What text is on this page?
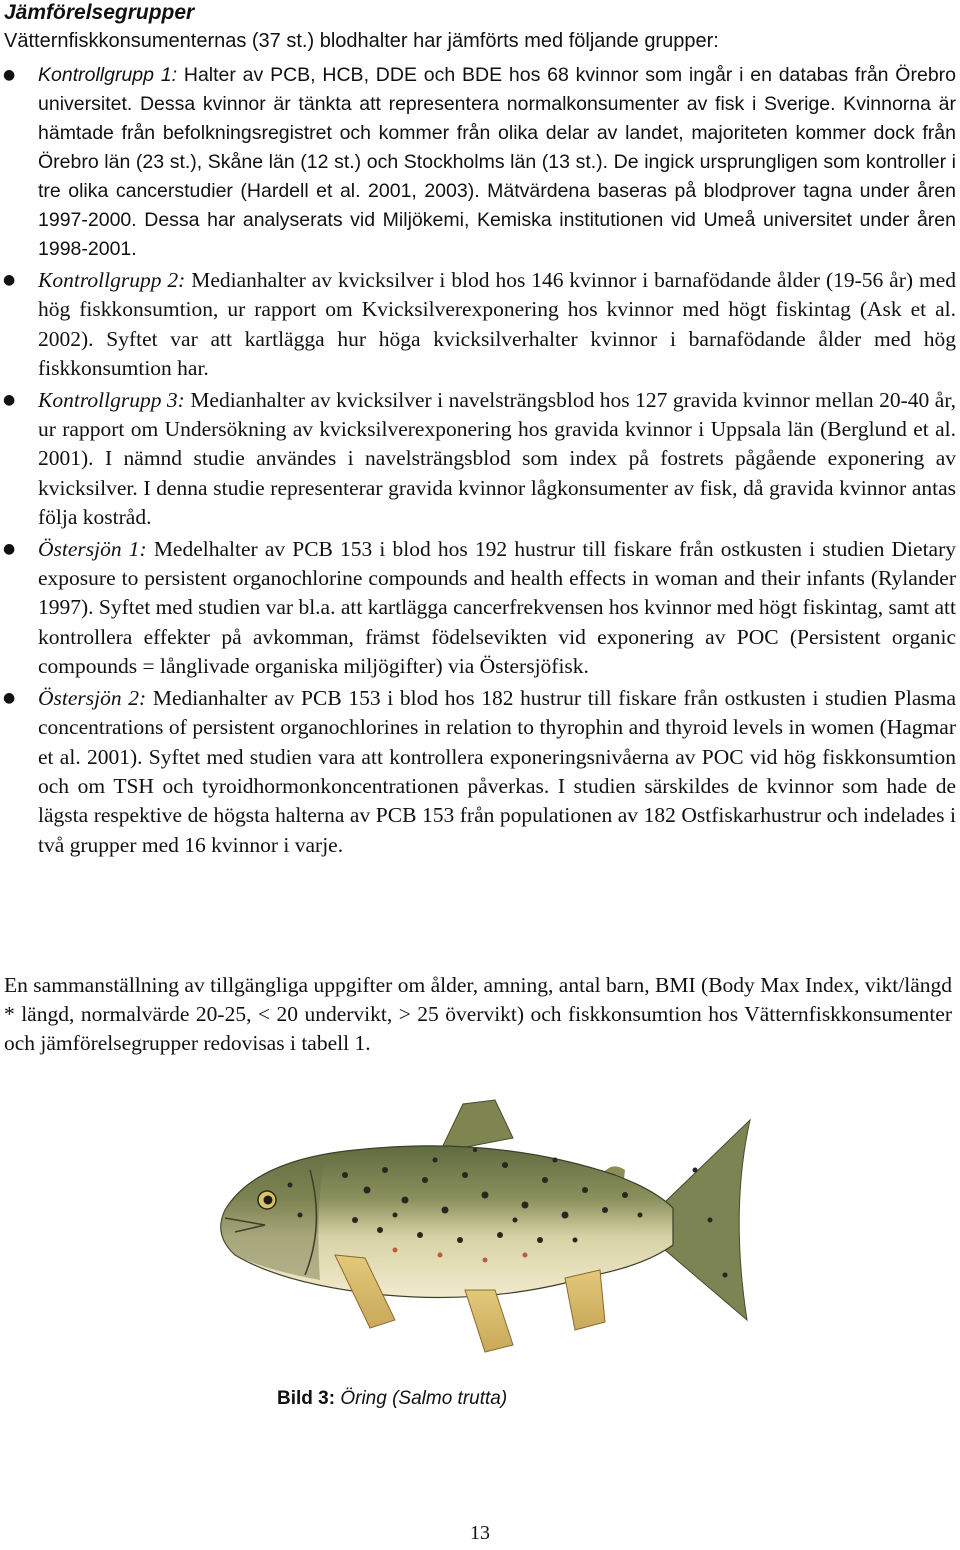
Jämförelsegrupper
Vätternfiskkonsumenternas (37 st.) blodhalter har jämförts med följande grupper:
● Kontrollgrupp 1: Halter av PCB, HCB, DDE och BDE hos 68 kvinnor som ingår i en databas från Örebro universitet. Dessa kvinnor är tänkta att representera normalkonsumenter av fisk i Sverige. Kvinnorna är hämtade från befolkningsregistret och kommer från olika delar av landet, majoriteten kommer dock från Örebro län (23 st.), Skåne län (12 st.) och Stockholms län (13 st.). De ingick ursprungligen som kontroller i tre olika cancerstudier (Hardell et al. 2001, 2003). Mätvärdena baseras på blodprover tagna under åren 1997-2000. Dessa har analyserats vid Miljökemi, Kemiska institutionen vid Umeå universitet under åren 1998-2001.
● Kontrollgrupp 2: Medianhalter av kvicksilver i blod hos 146 kvinnor i barnafödande ålder (19-56 år) med hög fiskkonsumtion, ur rapport om Kvicksilverexponering hos kvinnor med högt fiskintag (Ask et al. 2002). Syftet var att kartlägga hur höga kvicksilverhalter kvinnor i barnafödande ålder med hög fiskkonsumtion har.
● Kontrollgrupp 3: Medianhalter av kvicksilver i navelsträngsblod hos 127 gravida kvinnor mellan 20-40 år, ur rapport om Undersökning av kvicksilverexponering hos gravida kvinnor i Uppsala län (Berglund et al. 2001). I nämnd studie användes i navelsträngsblod som index på fostrets pågående exponering av kvicksilver. I denna studie representerar gravida kvinnor lågkonsumenter av fisk, då gravida kvinnor antas följa kostråd.
● Östersjön 1: Medelhalter av PCB 153 i blod hos 192 hustrur till fiskare från ostkusten i studien Dietary exposure to persistent organochlorine compounds and health effects in woman and their infants (Rylander 1997). Syftet med studien var bl.a. att kartlägga cancerfrekvensen hos kvinnor med högt fiskintag, samt att kontrollera effekter på avkomman, främst födelsevikten vid exponering av POC (Persistent organic compounds = långlivade organiska miljögifter) via Östersjöfisk.
● Östersjön 2: Medianhalter av PCB 153 i blod hos 182 hustrur till fiskare från ostkusten i studien Plasma concentrations of persistent organochlorines in relation to thyrophin and thyroid levels in women (Hagmar et al. 2001). Syftet med studien vara att kontrollera exponeringsnivåerna av POC vid hög fiskkonsumtion och om TSH och tyroidhormonkoncentrationen påverkas. I studien särskildes de kvinnor som hade de lägsta respektive de högsta halterna av PCB 153 från populationen av 182 Ostfiskarhustrur och indelades i två grupper med 16 kvinnor i varje.
En sammanställning av tillgängliga uppgifter om ålder, amning, antal barn, BMI (Body Max Index, vikt/längd * längd, normalvärde 20-25, < 20 undervikt, > 25 övervikt) och fiskkonsumtion hos Vätternfiskkonsumenter och jämförelsegrupper redovisas i tabell 1.
Bild 3: Öring (Salmo trutta)
13
